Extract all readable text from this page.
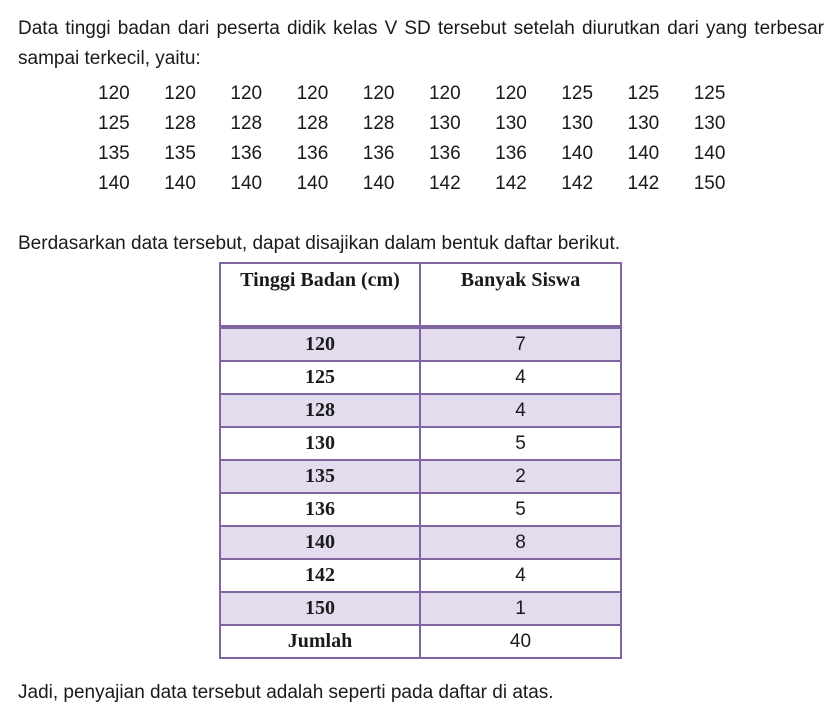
Data tinggi badan dari peserta didik kelas V SD tersebut setelah diurutkan dari yang terbesar sampai terkecil, yaitu:

120	120	120	120	120	120	120	125	125	125
125	128	128	128	128	130	130	130	130	130
135	135	136	136	136	136	136	140	140	140
140	140	140	140	140	142	142	142	142	150

Berdasarkan data tersebut, dapat disajikan dalam bentuk daftar berikut.

Tinggi Badan (cm)	Banyak Siswa
120	7
125	4
128	4
130	5
135	2
136	5
140	8
142	4
150	1
Jumlah	40

Jadi, penyajian data tersebut adalah seperti pada daftar di atas.
